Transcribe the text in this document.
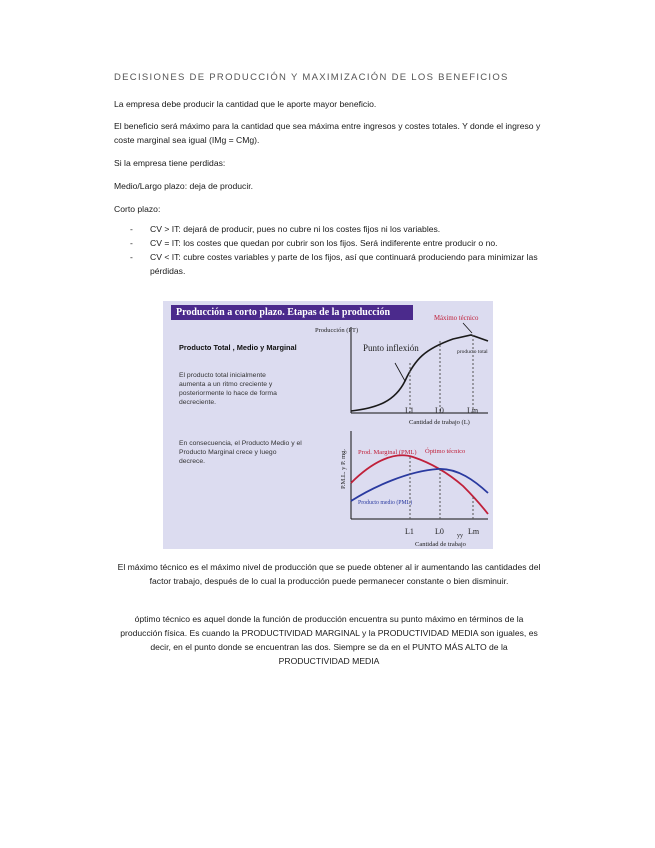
DECISIONES DE PRODUCCIÓN Y MAXIMIZACIÓN DE LOS BENEFICIOS
La empresa debe producir la cantidad que le aporte mayor beneficio.
El beneficio será máximo para la cantidad que sea máxima entre ingresos y costes totales. Y donde el ingreso y coste marginal sea igual (IMg = CMg).
Si la empresa tiene perdidas:
Medio/Largo plazo: deja de producir.
Corto plazo:
- CV > IT: dejará de producir, pues no cubre ni los costes fijos ni los variables.
- CV = IT: los costes que quedan por cubrir son los fijos. Será indiferente entre producir o no.
- CV < IT: cubre costes variables y parte de los fijos, así que continuará produciendo para minimizar las pérdidas.
Producción a corto plazo. Etapas de la producción
Producto Total , Medio y Marginal
El producto total inicialmente aumenta a un ritmo creciente y posteriormente lo hace de forma decreciente.
En consecuencia, el Producto Medio y el Producto Marginal crece y luego decrece.
Producción (PT)
Máximo técnico
Punto inflexión	producto total
L1	L0	Lm
Cantidad de trabajo (L)
P.M.L. y P. mg. Prod. Marginal (PML) Óptimo técnico
Producto medio (PML)
L1	L0 yy Lm
Cantidad de trabajo
El máximo técnico es el máximo nivel de producción que se puede obtener al ir aumentando las cantidades del factor trabajo, después de lo cual la producción puede permanecer constante o bien disminuir.
óptimo técnico es aquel donde la función de producción encuentra su punto máximo en términos de la producción física. Es cuando la PRODUCTIVIDAD MARGINAL y la PRODUCTIVIDAD MEDIA son iguales, es decir, en el punto donde se encuentran las dos. Siempre se da en el PUNTO MÁS ALTO de la PRODUCTIVIDAD MEDIA
